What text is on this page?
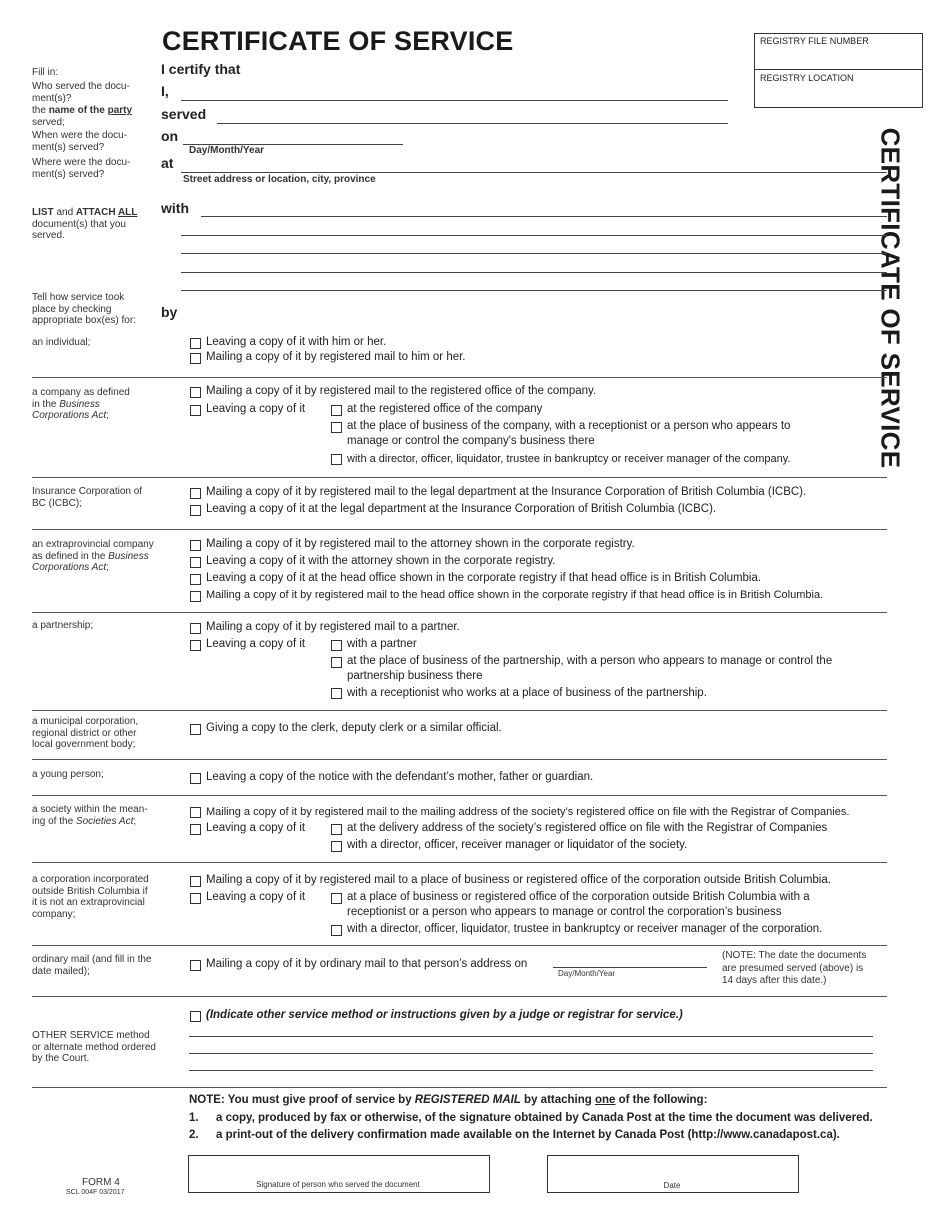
CERTIFICATE OF SERVICE	REGISTRY FILE NUMBER
REGISTRY LOCATION
CERTIFICATE OF SERVICE
I certify that
I,
served
on
Day/Month/Year
at
Street address or location, city, province
with
by
Fill in:
Who served the docu-
ment(s)?
the name of the party
served;
When were the docu-
ment(s) served?
Where were the docu-
ment(s) served?
LIST and ATTACH ALL
document(s) that you
served.
Tell how service took
place by checking
appropriate box(es) for:
an individual;	Leaving a copy of it with him or her.
Mailing a copy of it by registered mail to him or her.
a company as defined
in the Business
Corporations Act;
Mailing a copy of it by registered mail to the registered office of the company.
Leaving a copy of it	at the registered office of the company
at the place of business of the company, with a receptionist or a person who appears to
manage or control the company's business there
with a director, officer, liquidator, trustee in bankruptcy or receiver manager of the company.
Insurance Corporation of
BC (ICBC);
Mailing a copy of it by registered mail to the legal department at the Insurance Corporation of British Columbia (ICBC).
Leaving a copy of it at the legal department at the Insurance Corporation of British Columbia (ICBC).
an extraprovincial company
as defined in the Business
Corporations Act;
Mailing a copy of it by registered mail to the attorney shown in the corporate registry.
Leaving a copy of it with the attorney shown in the corporate registry.
Leaving a copy of it at the head office shown in the corporate registry if that head office is in British Columbia.
Mailing a copy of it by registered mail to the head office shown in the corporate registry if that head office is in British Columbia.
a partnership;	Mailing a copy of it by registered mail to a partner.
Leaving a copy of it	with a partner
at the place of business of the partnership, with a person who appears to manage or control the
partnership business there
with a receptionist who works at a place of business of the partnership.
a municipal corporation,
regional district or other
local government body;
Giving a copy to the clerk, deputy clerk or a similar official.
a young person;	Leaving a copy of the notice with the defendant’s mother, father or guardian.
a society within the mean-
ing of the Societies Act;
Mailing a copy of it by registered mail to the mailing address of the society’s registered office on file with the Registrar of Companies.
Leaving a copy of it	at the delivery address of the society’s registered office on file with the Registrar of Companies
with a director, officer, receiver manager or liquidator of the society.
a corporation incorporated
outside British Columbia if
it is not an extraprovincial
company;
Mailing a copy of it by registered mail to a place of business or registered office of the corporation outside British Columbia.
Leaving a copy of it	at a place of business or registered office of the corporation outside British Columbia with a
receptionist or a person who appears to manage or control the corporation’s business
with a director, officer, liquidator, trustee in bankruptcy or receiver manager of the corporation.
ordinary mail (and fill in the
date mailed);
Mailing a copy of it by ordinary mail to that person’s address on
Day/Month/Year
(NOTE: The date the documents
are presumed served (above) is
14 days after this date.)
OTHER SERVICE method
or alternate method ordered
by the Court.
(Indicate other service method or instructions given by a judge or registrar for service.)
NOTE: You must give proof of service by REGISTERED MAIL by attaching one of the following:
1. a copy, produced by fax or otherwise, of the signature obtained by Canada Post at the time the document was delivered.
2. a print-out of the delivery confirmation made available on the Internet by Canada Post (http://www.canadapost.ca).
Signature of person who served the document	Date
FORM 4
SCL 004F 03/2017
